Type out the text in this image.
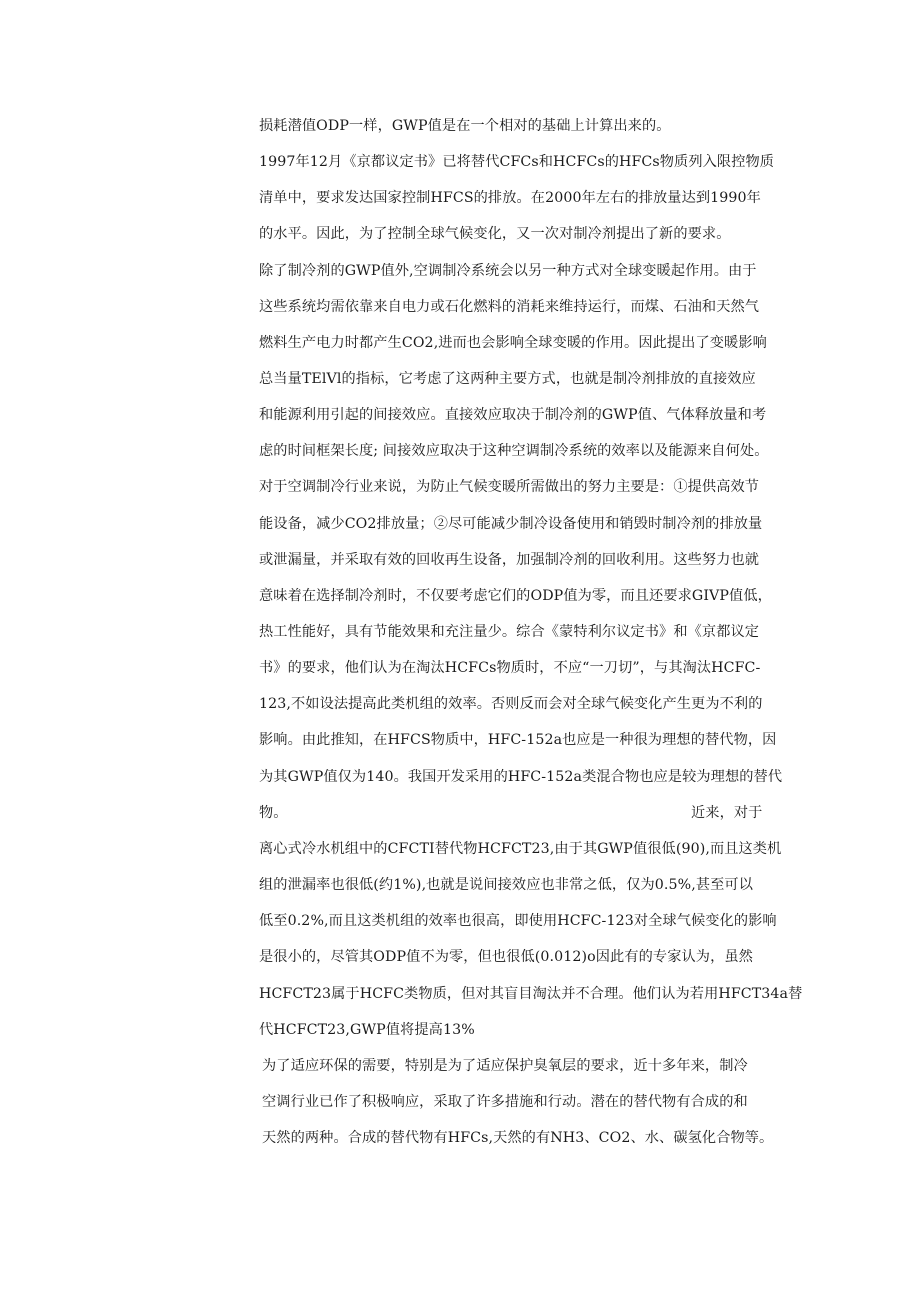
损耗潜值ODP一样，GWP值是在一个相对的基础上计算出来的。
1997年12月《京都议定书》已将替代CFCs和HCFCs的HFCs物质列入限控物质
清单中，要求发达国家控制HFCS的排放。在2000年左右的排放量达到1990年
的水平。因此，为了控制全球气候变化，又一次对制冷剂提出了新的要求。
除了制冷剂的GWP值外,空调制冷系统会以另一种方式对全球变暖起作用。由于
这些系统均需依靠来自电力或石化燃料的消耗来维持运行，而煤、石油和天然气
燃料生产电力时都产生CO2,进而也会影响全球变暖的作用。因此提出了变暖影响
总当量TElVl的指标，它考虑了这两种主要方式，也就是制冷剂排放的直接效应
和能源利用引起的间接效应。直接效应取决于制冷剂的GWP值、气体释放量和考
虑的时间框架长度; 间接效应取决于这种空调制冷系统的效率以及能源来自何处。
对于空调制冷行业来说，为防止气候变暖所需做出的努力主要是：①提供高效节
能设备，减少CO2排放量；②尽可能减少制冷设备使用和销毁时制冷剂的排放量
或泄漏量，并采取有效的回收再生设备，加强制冷剂的回收利用。这些努力也就
意味着在选择制冷剂时，不仅要考虑它们的ODP值为零，而且还要求GIVP值低，
热工性能好，具有节能效果和充注量少。综合《蒙特利尔议定书》和《京都议定
书》的要求，他们认为在淘汰HCFCs物质时，不应“一刀切”，与其淘汰HCFC-
123,不如设法提高此类机组的效率。否则反而会对全球气候变化产生更为不利的
影响。由此推知，在HFCS物质中，HFC-152a也应是一种很为理想的替代物，因
为其GWP值仅为140。我国开发采用的HFC-152a类混合物也应是较为理想的替代
物。	近来，对于
离心式冷水机组中的CFCTI替代物HCFCT23,由于其GWP值很低(90),而且这类机
组的泄漏率也很低(约1%),也就是说间接效应也非常之低，仅为0.5%,甚至可以
低至0.2%,而且这类机组的效率也很高，即使用HCFC-123对全球气候变化的影响
是很小的，尽管其ODP值不为零，但也很低(0.012)o因此有的专家认为，虽然
HCFCT23属于HCFC类物质，但对其盲目淘汰并不合理。他们认为若用HFCT34a替
代HCFCT23,GWP值将提高13%
为了适应环保的需要，特别是为了适应保护臭氧层的要求，近十多年来，制冷
空调行业已作了积极响应，采取了许多措施和行动。潜在的替代物有合成的和
天然的两种。合成的替代物有HFCs,天然的有NH3、CO2、水、碳氢化合物等。
